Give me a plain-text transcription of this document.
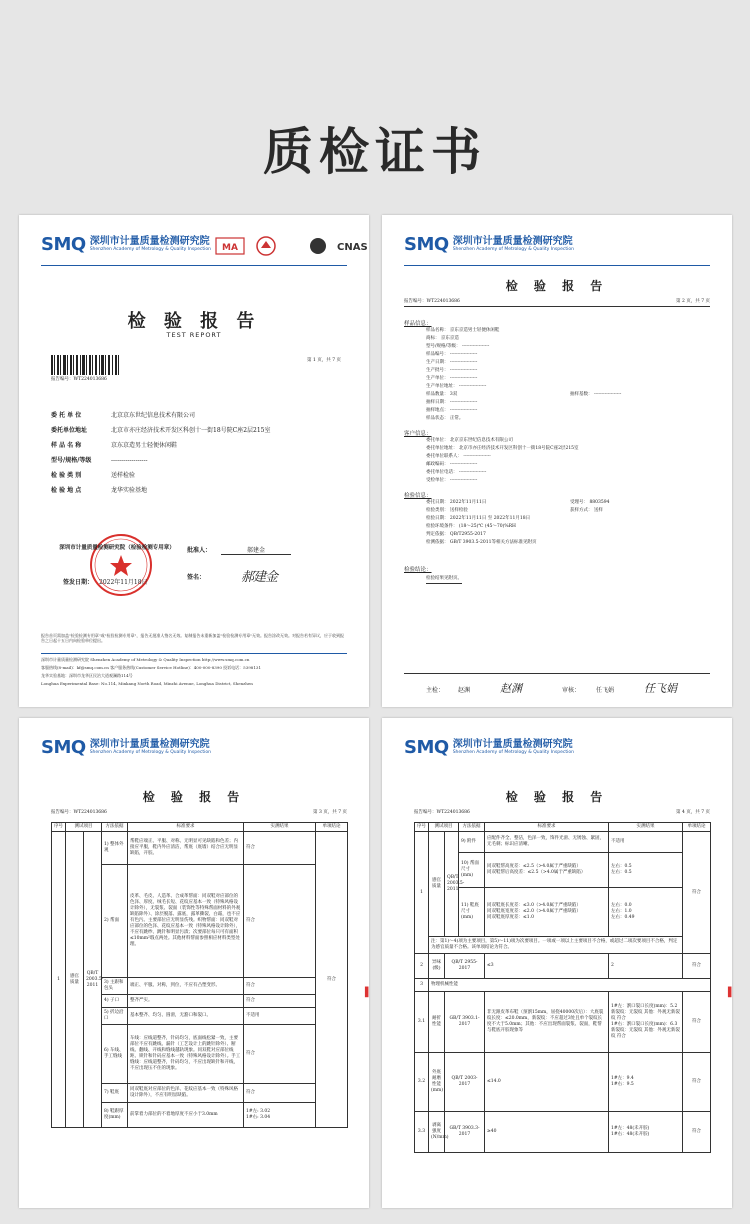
质检证书
SMQ 深圳市计量质量检测研究院
Shenzhen Academy of Metrology & Quality Inspection MA	CNAS
检 验 报 告
TEST REPORT
报告编号：WT224013686
第 1 页，共 7 页
委 托 单 位	北京京东世纪信息技术有限公司
委托单位地址	北京市亦庄经济技术开发区科创十一街18号院C座2层215室
样 品 名 称	京东京造男士轻便休闲鞋
型号/规格/等级	------------------
检 验 类 别	送样检验
检 验 地 点	龙华实验基地
深圳市计量质量检测研究院（检验检测专用章）	批准人：	郝建金
签名：	郝建金
签发日期： 2022年11月18日
报告首页需加盖"检验检测专用章"或"检验检测专用章"，报告无批准人签名无效。复制报告未重新加盖"检验检测专用章"无效。报告涂改无效。对报告若有异议，应于收到报告之日起十五日内向检验单位提出。
深圳市计量质量检测研究院 Shenzhen Academy of Metrology & Quality Inspection http://www.smq.com.cn
客服热线(8-mail)：kf@smq.com.cn 客户服务热线(Customer Service Hotline)：400-000-8390 投诉电话：5398131
龙华实验基地：深圳市龙华区民治大道观澜路114号
Longhua Experimental Base: No.114, Minkang North Road, Minzhi Avenue, Longhua District, Shenzhen
SMQ 深圳市计量质量检测研究院
Shenzhen Academy of Metrology & Quality Inspection
检 验 报 告
报告编号：WT224013686	第 2 页，共 7 页
样品信息：
样品名称： 京东京造男士轻便休闲鞋
商标： 京东京造
型号/规格/等级： ------------------
样品编号： ------------------
生产日期： ------------------
生产批号： ------------------
生产单位： ------------------
生产单位地址： ------------------
样品数量： 3双
抽样日期： ------------------
抽样地点： ------------------
样品状态： 正常。
抽样基数： ------------------
客户信息：
委托单位： 北京京东世纪信息技术有限公司
委托单位地址： 北京市亦庄经济技术开发区科创十一街18号院C座2层215室
委托单位联系人： ------------------
邮政编码： ------------------
委托单位电话： ------------------
受检单位： ------------------
检验信息：
委托日期： 2022年11月11日
检验类别： 送样检验
检验日期： 2022年11月11日 至 2022年11月18日
检验环境条件： (18～25)℃ (45～70)%RH
判定依据： QB/T2955-2017
检测依据： GB/T 3903.5-2011等相关方法标准见附页
受理号： 8803594
获样方式： 送样
检验结论：
检验结果见附页。
主检： 赵渊	赵渊	审核：	任飞娟	任飞娟
SMQ 深圳市计量质量检测研究院
Shenzhen Academy of Metrology & Quality Inspection
检 验 报 告
报告编号：WT224013686	第 3 页，共 7 页
序号	测试项目		方法依据	标准要求	实测结果	单项结论
1	感官质量	QB/T 2003.5-2011	1) 整体外观	帮鞋应端正、平服、对称、无明显可见缺陷和色差；内接应平服，鞋内外应清洁，帮底（底墙）结合应无明显缺陷，开胶。	符合	符合
			2) 帮面	皮革、毛皮、人造革、合成革帮面：同双鞋对应部位的色泽、厚度、绒毛长短、花纹应基本一致（特殊风格设计除外），无裂浆、裂面（装饰性等特殊帮面材料的外观缺陷除外）、涂层脱落、露底，露革撕裂、白霜，也不应有色污。主要部位应无明显伤残。织物帮面：同双鞋对应部位的色泽、花纹应基本一致（特殊风格设计除外），不应有跳纱、跳针和明显污渍；次要部位每只可有面积≤10mm²瑕点两处。其他材料帮面参照相应材料类型处理。	符合	
			3) 主跟和包头	端正、平服、对称，到位，不应有凸塑变形。	符合	
			4) 子口	整齐严实。	符合	
			5) 折边沿口	基本整齐、均匀、圆滑，无豁口和裂口。	不适用	
			6) 车线、手工缝线	车线：应线道整齐，针码均匀，底面线松紧一致，主要部位不应有跳线、漏针（工艺设计上的跳针除外）、断线、翻线、开线和缝线越轨现象。同双鞋对应部位线距、锁针和针码应基本一致（特殊风格设计除外）。手工缝线：应线道整齐，针码均匀，不应出现缺针和开线，不应出现压不住的现象。	符合	
			7) 鞋底	同双鞋底对应部位的色泽、花纹应基本一致（特殊风格设计除外），不应有明显缺陷。	符合	
			8) 鞋跟厚度(mm)	前掌着力部位的不着地厚度不应小于3.0mm	1#左: 3.02
1#右: 3.04	
▌
SMQ 深圳市计量质量检测研究院
Shenzhen Academy of Metrology & Quality Inspection
检 验 报 告
报告编号：WT224013686	第 4 页，共 7 页
序号	测试项目		方法依据	标准要求	实测结果	单项结论
1	感官质量	QB/T 2003.5-2011	9) 附件	应配件齐全、整洁，色泽一致，饰件光滑、无锈蚀、紧固，无毛刺；标识应清晰。	不适用	符合
			10) 帮面尺寸(mm)	同双鞋帮高度差：≤2.5（>4.0属于严重缺陷）
同双鞋帮后高度差：≤2.5（>4.0属于严重缺陷）	左右：0.5
左右：0.5	
			11) 鞋底尺寸(mm)	同双鞋底长度差：≤3.0（>4.0属于严重缺陷）
同双鞋底宽度差：≤2.0（>4.0属于严重缺陷）
同双鞋底厚度差：≤1.0	左右：0.0
左右：1.0
左右：0.49	
	注：第1)～4)项为主要项目，第5)～11)项为次要项目。一项或一项以上主要项目不合格，或超过二项次要项目不合格，判定为感官质量不合格。该单项结论为符合。					
2	异味(级)	QB/T 2955-2017		≤3	2	符合
3	物理机械性能					
3.1	耐折性能	GB/T 3903.1-2017		非无跟皮革布鞋（预割15mm，屈挠40000次后）：大底裂纹长度：≤20.0mm，新裂纹：不应超过3处且单个裂纹长度不大于5.0mm；其他：不应出现帮面裂浆、裂面，鞋帮与鞋底开胶现象等	1#左：割口裂口长度(mm)：5.2 新裂纹：无裂纹 其他：外观无新裂纹 符合
1#右：割口裂口长度(mm)：6.3 新裂纹：无裂纹 其他：外观无新裂纹 符合	符合
3.2	外底耐磨性能(mm)	QB/T 2003-2017		≤14.0	1#左：9.4
1#右：9.5	符合
3.3	剥离强度(N/mm)	GB/T 3903.3-2017		≥40	1#左：48(未开胶)
1#右：48(未开胶)	符合
▌
